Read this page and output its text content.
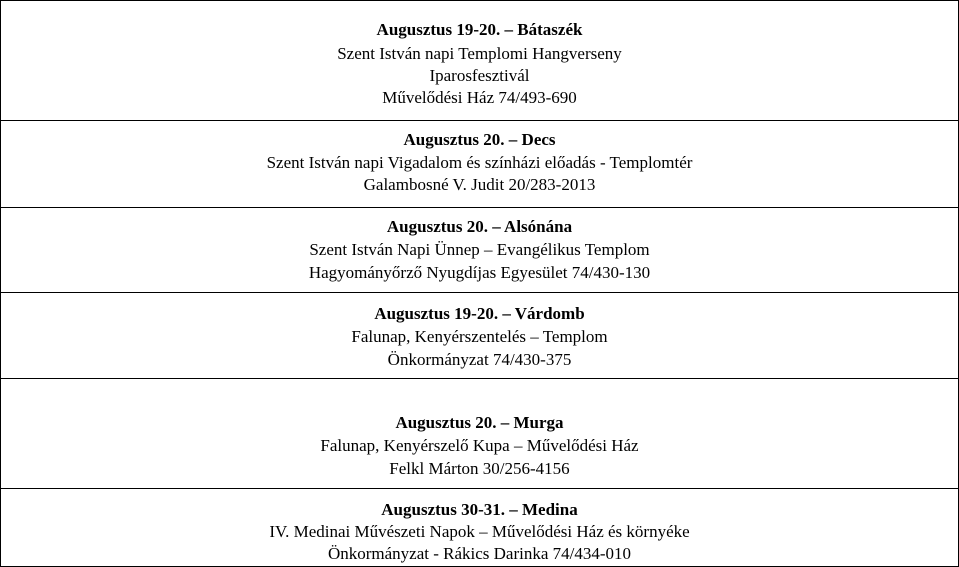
Augusztus 19-20. – Bátaszék
Szent István napi Templomi Hangverseny
Iparosfesztivál
Művelődési Ház 74/493-690
Augusztus 20. – Decs
Szent István napi Vigadalom és színházi előadás - Templomtér
Galambosné V. Judit 20/283-2013
Augusztus 20. – Alsónána
Szent István Napi Ünnep – Evangélikus Templom
Hagyományőrző Nyugdíjas Egyesület 74/430-130
Augusztus 19-20. – Várdomb
Falunap, Kenyérszentelés – Templom
Önkormányzat 74/430-375
Augusztus 20. – Murga
Falunap, Kenyérszelő Kupa – Művelődési Ház
Felkl Márton 30/256-4156
Augusztus 30-31. – Medina
IV. Medinai Művészeti Napok – Művelődési Ház és környéke
Önkormányzat - Rákics Darinka 74/434-010
